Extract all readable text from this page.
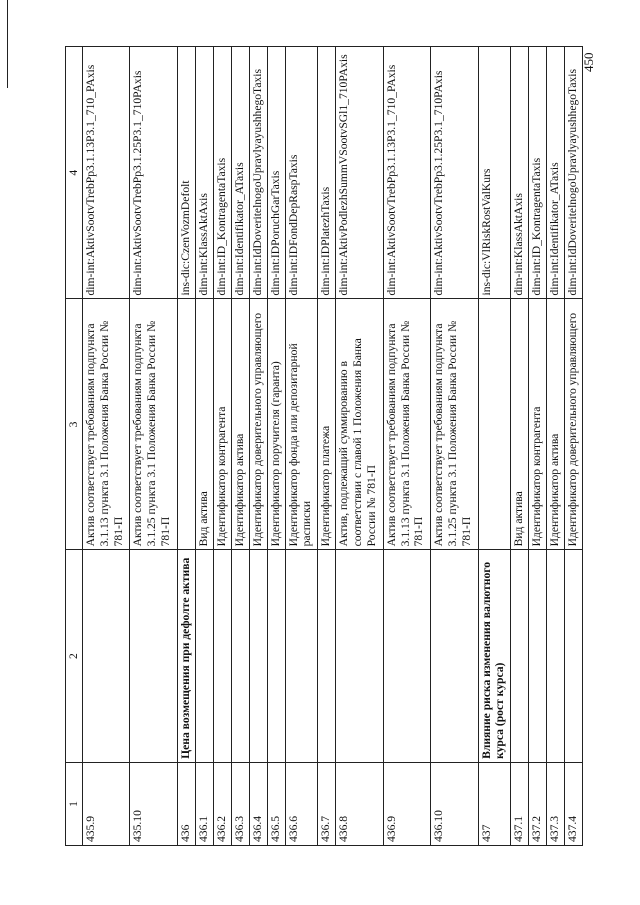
450
1	2	3	4
435.9		Актив соответствует требованиям подпункта 3.1.13 пункта 3.1 Положения Банка России № 781-П	dim-int:AktivSootvTrebPp3.1.13P3.1_710_PAxis
435.10		Актив соответствует требованиям подпункта 3.1.25 пункта 3.1 Положения Банка России № 781-П	dim-int:AktivSootvTrebPp3.1.25P3.1_710PAxis
436	Цена возмещения при дефолте актива		ins-dic:CzenVozmDefolt
436.1		Вид актива	dim-int:KlassAktAxis
436.2		Идентификатор контрагента	dim-int:ID_KontragentaTaxis
436.3		Идентификатор актива	dim-int:Identifikator_ATaxis
436.4		Идентификатор доверительного управляющего	dim-int:IdDoveritelnogoUpravlyayushhegoTaxis
436.5		Идентификатор поручителя (гаранта)	dim-int:IDPoruchGarTaxis
436.6		Идентификатор фонда или депозитарной расписки	dim-int:IDFondDepRaspTaxis
436.7		Идентификатор платежа	dim-int:IDPlatezhTaxis
436.8		Актив, подлежащий суммированию в соответствии с главой 1 Положения Банка России № 781-П	dim-int:AktivPodlezhSummVSootvSGl1_710PAxis
436.9		Актив соответствует требованиям подпункта 3.1.13 пункта 3.1 Положения Банка России № 781-П	dim-int:AktivSootvTrebPp3.1.13P3.1_710_PAxis
436.10		Актив соответствует требованиям подпункта 3.1.25 пункта 3.1 Положения Банка России № 781-П	dim-int:AktivSootvTrebPp3.1.25P3.1_710PAxis
437	Влияние риска изменения валютного курса (рост курса)		ins-dic:VlRiskRostValKurs
437.1		Вид актива	dim-int:KlassAktAxis
437.2		Идентификатор контрагента	dim-int:ID_KontragentaTaxis
437.3		Идентификатор актива	dim-int:Identifikator_ATaxis
437.4		Идентификатор доверительного управляющего	dim-int:IdDoveritelnogoUpravlyayushhegoTaxis
